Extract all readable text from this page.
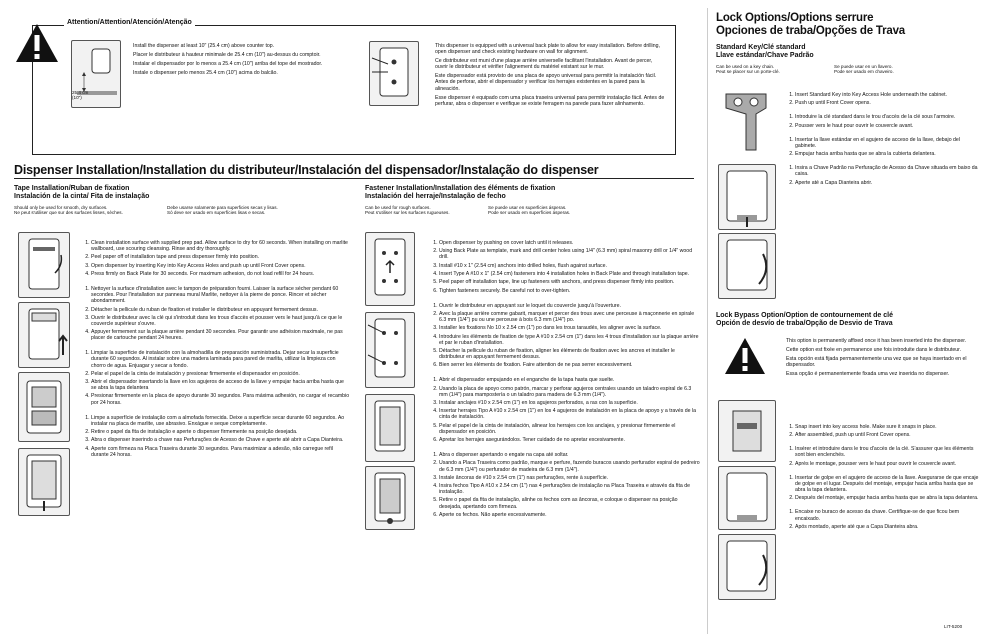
Attention/Attention/Atención/Atenção
25.4 cm (10")
Install the dispenser at least 10" (25.4 cm) above counter top.
Placer le distributeur à hauteur minimale de 25.4 cm (10") au-dessus du comptoir.
Instalar el dispensador por lo menos a 25.4 cm (10") arriba del tope del mostrador.
Instale o dispenser pelo menos 25.4 cm (10") acima do balcão.
This dispenser is equipped with a universal back plate to allow for easy installation. Before drilling, open dispenser and check existing hardware on wall for alignment.
Ce distributeur est muni d'une plaque arrière universelle facilitant l'installation. Avant de percer, ouvrir le distributeur et vérifier l'alignement du matériel existant sur le mur.
Este dispensador está provisto de una placa de apoyo universal para permitir la instalación fácil. Antes de perforar, abrir el dispensador y verificar los herrajes existentes en la pared para la alineación.
Esse dispenser é equipado com uma placa traseira universal para permitir instalação fácil. Antes de perfurar, abra o dispenser e verifique se existe ferragem na parede para fazer alinhamento.
Dispenser Installation/Installation du distributeur/Instalación del dispensador/Instalação do dispenser
Tape Installation/Ruban de fixation
Instalación de la cinta/ Fita de instalação
Should only be used for smooth, dry surfaces.
Ne peut s'utiliser que sur des surfaces lisses, sèches.
Debe usarse solamente para superficies secas y lisas.
Só deve ser usado em superfícies lisas e secas.
Fastener Installation/Installation des éléments de fixation
Instalación del herraje/Instalação de fecho
Can be used for rough surfaces.
Peut s'utiliser sur les surfaces rugueuses.
Se puede usar en superficies ásperas.
Pode ser usado em superfícies ásperas.
1. Clean installation surface with supplied prep pad. Allow surface to dry for 60 seconds. When installing on marlite wallboard, use scouring cleansing. Rinse and dry thoroughly.
2. Peel paper off of installation tape and press dispenser firmly into position.
3. Open dispenser by inserting Key into Key Access Holes and push up until Front Cover opens.
4. Press firmly on Back Plate for 30 seconds. For maximum adhesion, do not load refill for 24 hours.
1. Nettoyer la surface d'installation avec le tampon de préparation fourni. Laisser la surface sécher pendant 60 secondes. Pour l'installation sur panneau mural Marlite, nettoyer à la pierre de ponce. Rincer et sécher abondamment.
2. Détacher la pellicule du ruban de fixation et installer le distributeur en appuyant fermement dessus.
3. Ouvrir le distributeur avec la clé qui s'introduit dans les trous d'accès et pousser vers le haut jusqu'à ce que le couvercle supérieur s'ouvre.
4. Appuyer fermement sur la plaque arrière pendant 30 secondes. Pour garantir une adhésion maximale, ne pas placer de cartouche pendant 24 heures.
1. Limpiar la superficie de instalación con la almohadilla de preparación suministrada. Dejar secar la superficie durante 60 segundos. Al instalar sobre una madera laminada para pared de marlita, utilizar la limpieza con chorro de agua. Enjuagar y secar a fondo.
2. Pelar el papel de la cinta de instalación y presionar firmemente el dispensador en posición.
3. Abrir el dispensador insertando la llave en los agujeros de acceso de la llave y empujar hacia arriba hasta que se abra la tapa delantera
4. Presionar firmemente en la placa de apoyo durante 30 segundos. Para máxima adhesión, no cargar el recambio por 24 horas.
1. Limpe a superfície de instalação com a almofada fornecida. Deixe a superfície secar durante 60 segundos. Ao instalar na placa de marlite, use abrasivo. Enxágue e seque completamente.
2. Retire o papel da fita de instalação e aperte o dispenser firmemente na posição desejada.
3. Abra o dispenser inserindo a chave nas Perfurações de Acesso de Chave e aperte até abrir a Capa Dianteira.
4. Aperte com firmeza na Placa Traseira durante 30 segundos. Para maximizar a adesão, não carregue refil durante 24 horas.
1. Open dispenser by pushing on cover latch until it releases.
2. Using Back Plate as template, mark and drill center holes using 1/4" (6.3 mm) spiral masonry drill or 1/4" wood drill.
3. Install #10 x 1" (2.54 cm) anchors into drilled holes, flush against surface.
4. Insert Type A #10 x 1" (2.54 cm) fasteners into 4 installation holes in Back Plate and through installation tape.
5. Peel paper off installation tape, line up fasteners with anchors, and press dispenser firmly into position.
6. Tighten fasteners securely. Be careful not to over-tighten.
1. Ouvrir le distributeur en appuyant sur le loquet du couvercle jusqu'à l'ouverture.
2. Avec la plaque arrière comme gabarit, marquer et percer des trous avec une perceuse à maçonnerie en spirale 6.3 mm (1/4") pu ou une perceuse à bois 6.3 mm (1/4") po.
3. Installer les fixations No 10 x 2.54 cm (1") po dans les trous taraudés, les aligner avec la surface.
4. Introduire les éléments de fixation de type A #10 x 2.54 cm (1") dans les 4 trous d'installation sur la plaque arrière et par le ruban d'installation.
5. Détacher la pellicule du ruban de fixation, aligner les éléments de fixation avec les ancres et installer le distributeur en appuyant fermement dessus.
6. Bien serrer les éléments de fixation. Faire attention de ne pas serrer excessivement.
1. Abrir el dispensador empujando en el enganche de la tapa hasta que suelte.
2. Usando la placa de apoyo como patrón, marcar y perforar agujeros centrales usando un taladro espiral de 6.3 mm (1/4") para mampostería o un taladro para madera de 6.3 mm (1/4").
3. Instalar anclajes #10 x 2.54 cm (1") en los agujeros perforados, a ras con la superficie.
4. Insertar herrajes Tipo A #10 x 2.54 cm (1") en los 4 agujeros de instalación en la placa de apoyo y a través de la cinta de instalación.
5. Pelar el papel de la cinta de instalación, alinear los herrajes con los anclajes, y presionar firmemente el dispensador en posición.
6. Apretar los herrajes asegurándolos. Tener cuidado de no apretar excesivamente.
1. Abra o dispenser apertando o engate na capa até soltar.
2. Usando a Placa Traseira como padrão, marque e perfure, fazendo buracos usando perfurador espiral de pedreiro de 6.3 mm (1/4") ou perfurador de madeira de 6.3 mm (1/4").
3. Instale âncoras de #10 x 2.54 cm (1") nas perfurações, rente à superfície.
4. Insira fechos Tipo A #10 x 2.54 cm (1") nas 4 perfurações de instalação na Placa Traseira e através da fita de instalação.
5. Retire o papel da fita de instalação, alinhe os fechos com as âncoras, e coloque o dispenser na posição desejada, apertando com firmeza.
6. Aperte os fechos. Não aperte excessivamente.
Lock Options/Options serrure
Opciones de traba/Opções de Trava
Standard Key/Clé standard
Llave estándar/Chave Padrão
Can be used on a key chain.
Peut se placer sur un porte-clé.
Se puede usar en un llavero.
Pode ser usado em chaveiro.
1. Insert Standard Key into Key Access Hole underneath the cabinet.
2. Push up until Front Cover opens.
1. Introduire la clé standard dans le trou d'accès de la clé sous l'armoire.
2. Pousser vers le haut pour ouvrir le couvercle avant.
1. Insertar la llave estándar en el agujero de acceso de la llave, debajo del gabinete.
2. Empujar hacia arriba hasta que se abra la cubierta delantera.
1. Insira a Chave Padrão na Perfuração de Acesso da Chave situada em baixo da caixa.
2. Aperte até a Capa Dianteira abrir.
Lock Bypass Option/Option de contournement de clé
Opción de desvío de traba/Opção de Desvio de Trava
This option is permanently affixed once it has been inserted into the dispenser.
Cette option est fixée en permanence une fois introduite dans le distributeur.
Esta opción está fijada permanentemente una vez que se haya insertado en el dispensador.
Essa opção é permanentemente fixada uma vez inserida no dispenser.
1. Snap insert into key access hole. Make sure it snaps in place.
2. After assembled, push up until Front Cover opens.
1. Insérer et introduire dans le trou d'accès de la clé. S'assurer que les éléments sont bien enclenchés.
2. Après le montage, pousser vers le haut pour ouvrir le couvercle avant.
1. Insertar de golpe en el agujero de acceso de la llave. Asegurarse de que encaje de golpe en el lugar. Después del montaje, empujar hacia arriba hasta que se abra la tapa delantera.
2. Después del montaje, empujar hacia arriba hasta que se abra la tapa delantera.
1. Encaixe no buraco de acesso da chave. Certifique-se de que ficou bem encaixado.
2. Após montado, aperte até que a Capa Dianteira abra.
LIT-5200
